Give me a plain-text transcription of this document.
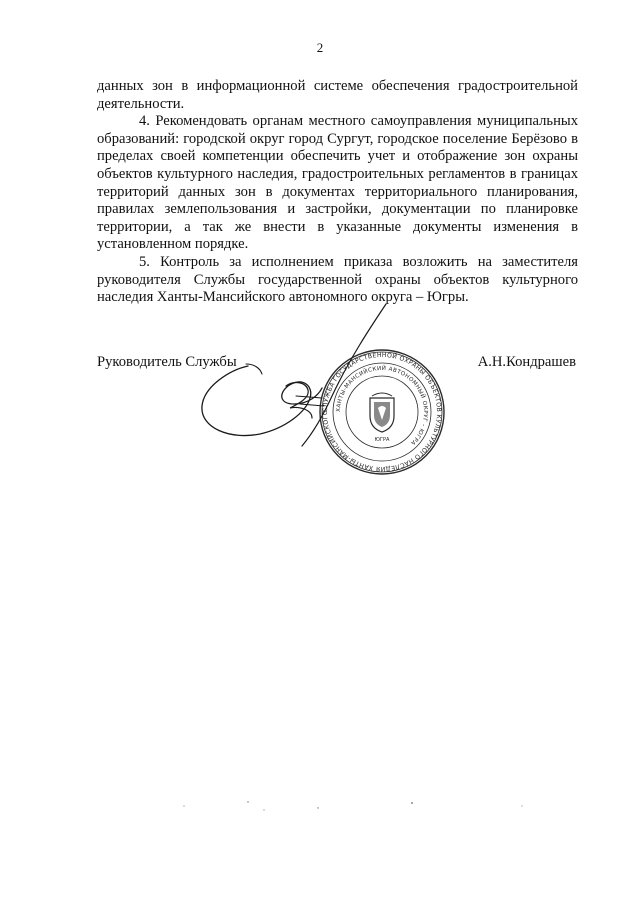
2

данных зон в информационной системе обеспечения градостроительной деятельности.

4. Рекомендовать органам местного самоуправления муниципальных образований: городской округ город Сургут, городское поселение Берёзово в пределах своей компетенции обеспечить учет и отображение зон охраны объектов культурного наследия, градостроительных регламентов в границах территорий данных зон в документах территориального планирования, правилах землепользования и застройки, документации по планировке территории, а так же внести в указанные документы изменения в установленном порядке.

5. Контроль за исполнением приказа возложить на заместителя руководителя Службы государственной охраны объектов культурного наследия Ханты-Мансийского автономного округа – Югры.

Руководитель Службы	А.Н.Кондрашев
СЛУЖБА ГОСУДАРСТВЕННОЙ ОХРАНЫ ОБЪЕКТОВ КУЛЬТУРНОГО НАСЛЕДИЯ ХАНТЫ-МАНСИЙСКОГО	ХАНТЫ-МАНСИЙСКИЙ АВТОНОМНЫЙ ОКРУГ - ЮГРА
ЮГРА
